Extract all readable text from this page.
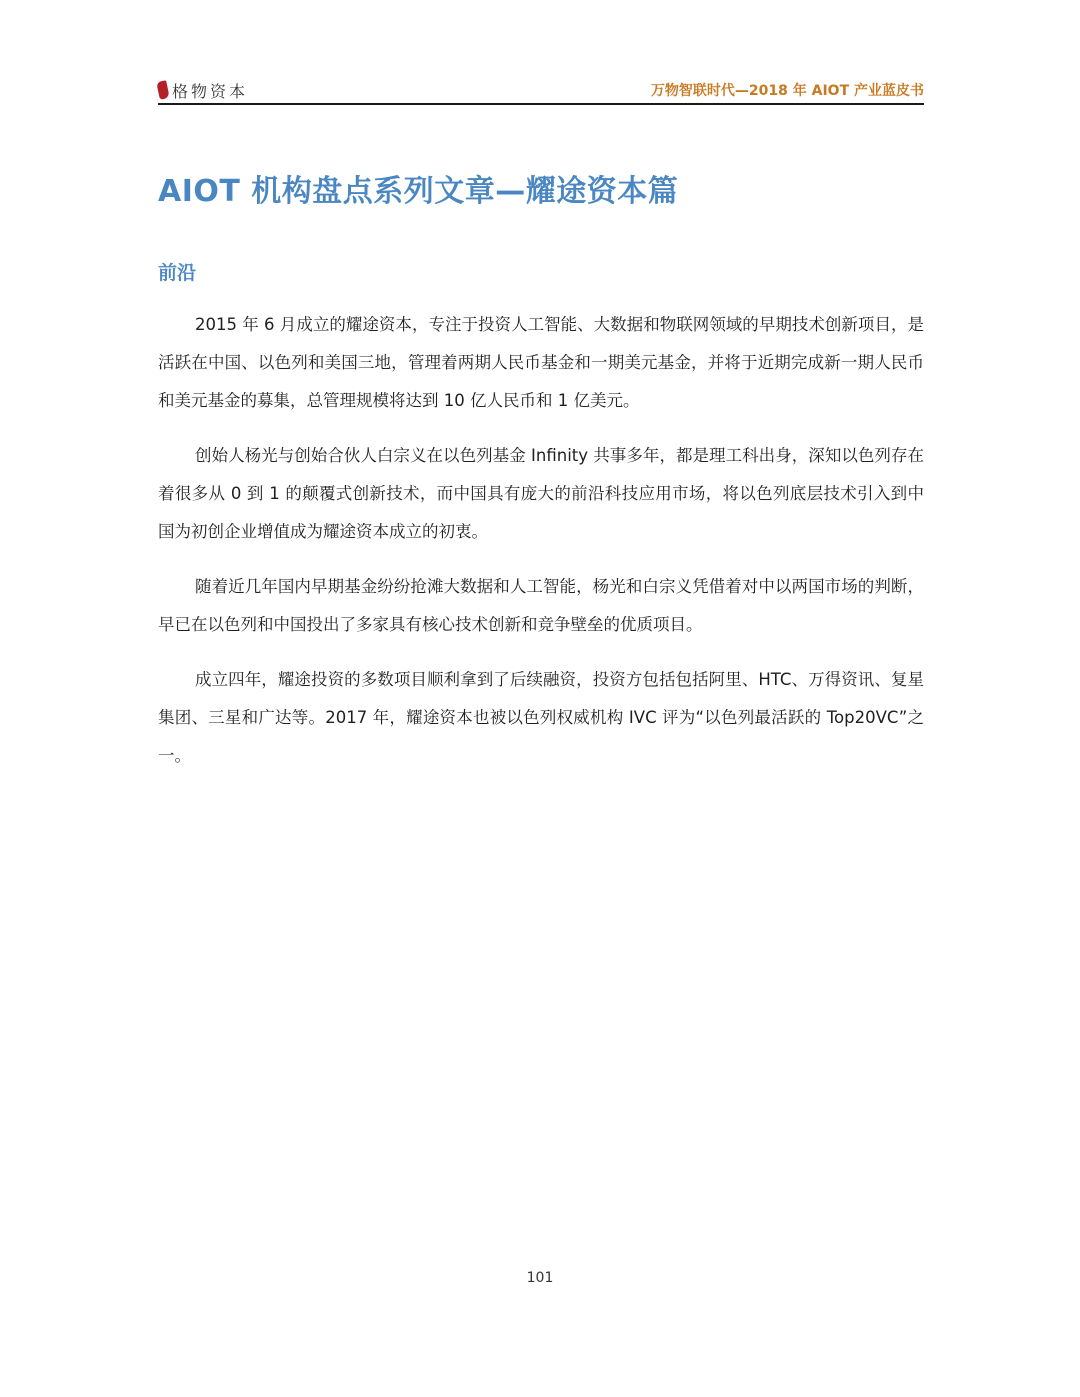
格物资本	万物智联时代—2018 年 AIOT 产业蓝皮书
AIOT 机构盘点系列文章—耀途资本篇
前沿

2015 年 6 月成立的耀途资本，专注于投资人工智能、大数据和物联网领域的早期技术创新项目，是活跃在中国、以色列和美国三地，管理着两期人民币基金和一期美元基金，并将于近期完成新一期人民币和美元基金的募集，总管理规模将达到 10 亿人民币和 1 亿美元。

创始人杨光与创始合伙人白宗义在以色列基金 Infinity 共事多年，都是理工科出身，深知以色列存在着很多从 0 到 1 的颠覆式创新技术，而中国具有庞大的前沿科技应用市场，将以色列底层技术引入到中国为初创企业增值成为耀途资本成立的初衷。

随着近几年国内早期基金纷纷抢滩大数据和人工智能，杨光和白宗义凭借着对中以两国市场的判断，早已在以色列和中国投出了多家具有核心技术创新和竞争壁垒的优质项目。

成立四年，耀途投资的多数项目顺利拿到了后续融资，投资方包括包括阿里、HTC、万得资讯、复星集团、三星和广达等。2017 年，耀途资本也被以色列权威机构 IVC 评为“以色列最活跃的 Top20VC”之一。

101
